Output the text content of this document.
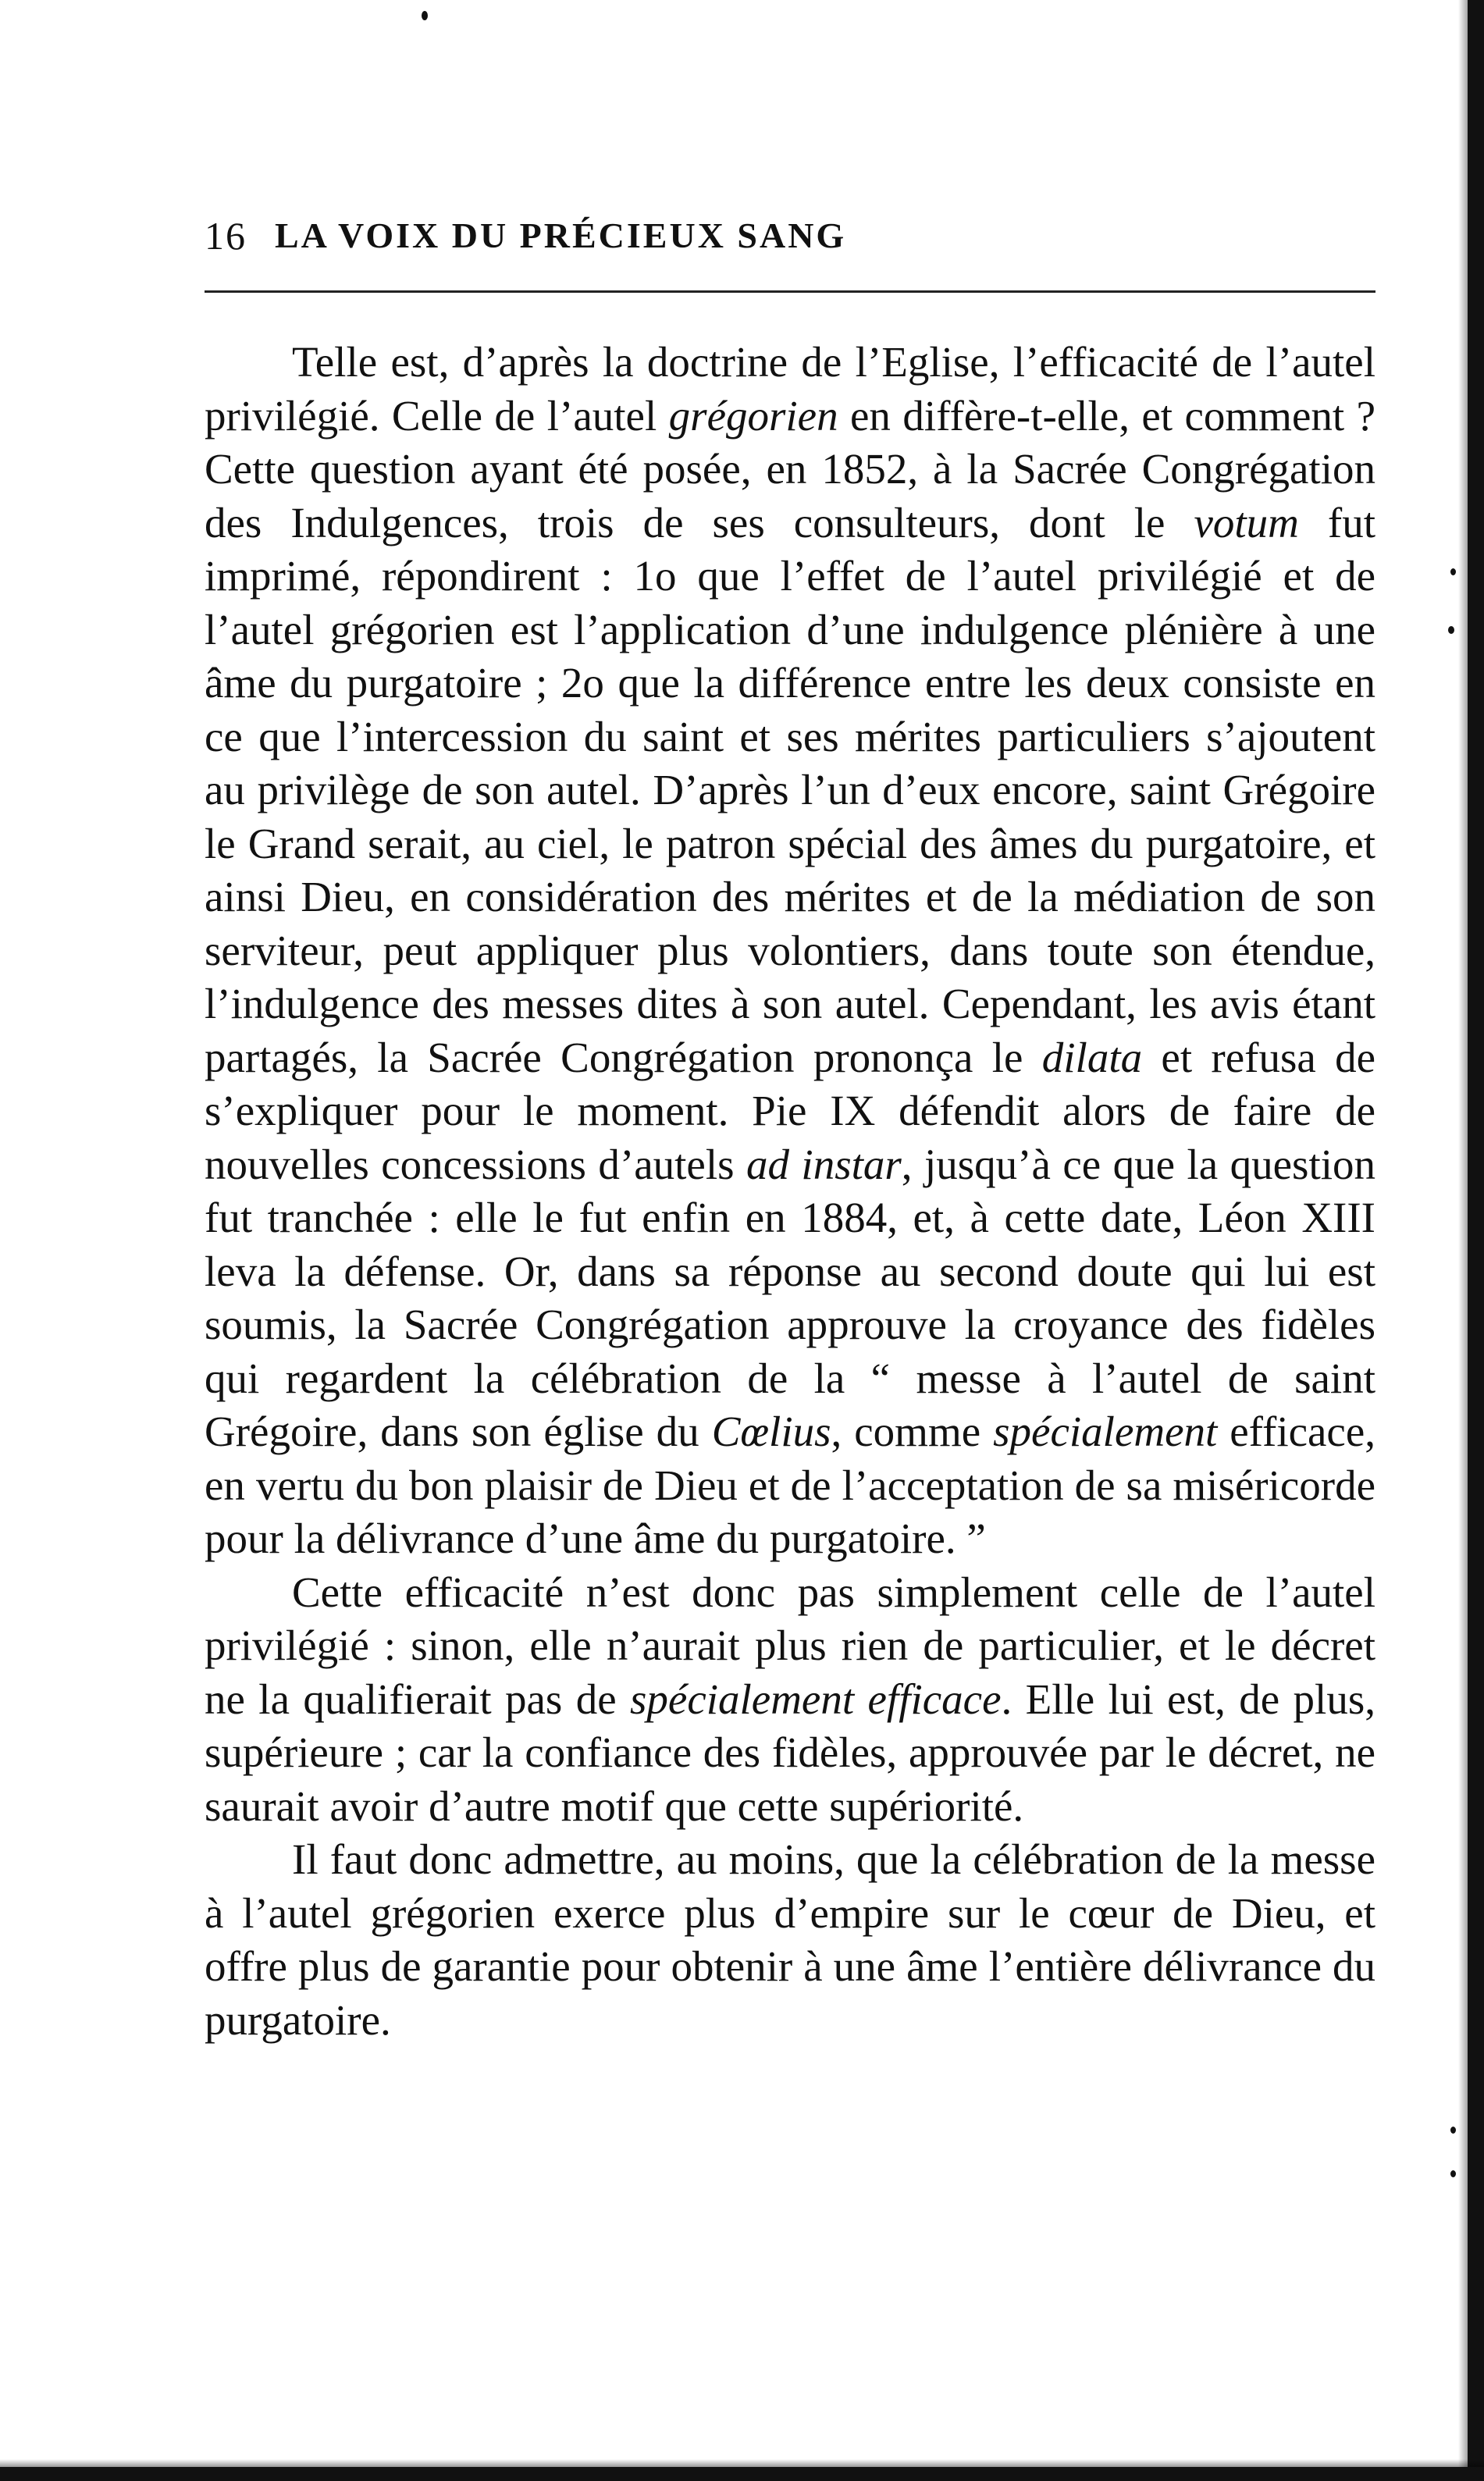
16 LA VOIX DU PRÉCIEUX SANG

Telle est, d’après la doctrine de l’Eglise, l’efficacité de l’autel privilégié. Celle de l’autel grégorien en diffère-t-elle, et comment ? Cette question ayant été posée, en 1852, à la Sacrée Congrégation des Indulgences, trois de ses consulteurs, dont le votum fut imprimé, répondirent : 1o que l’effet de l’autel privilégié et de l’autel grégorien est l’application d’une indulgence plénière à une âme du purgatoire ; 2o que la différence entre les deux consiste en ce que l’intercession du saint et ses mérites particuliers s’ajoutent au privilège de son autel. D’après l’un d’eux encore, saint Grégoire le Grand serait, au ciel, le patron spécial des âmes du purgatoire, et ainsi Dieu, en considération des mérites et de la médiation de son serviteur, peut appliquer plus volontiers, dans toute son étendue, l’indulgence des messes dites à son autel. Cependant, les avis étant partagés, la Sacrée Congrégation prononça le dilata et refusa de s’expliquer pour le moment. Pie IX défendit alors de faire de nouvelles concessions d’autels ad instar, jusqu’à ce que la question fut tranchée : elle le fut enfin en 1884, et, à cette date, Léon XIII leva la défense. Or, dans sa réponse au second doute qui lui est soumis, la Sacrée Congrégation approuve la croyance des fidèles qui regardent la célébration de la “ messe à l’autel de saint Grégoire, dans son église du Cœlius, comme spécialement efficace, en vertu du bon plaisir de Dieu et de l’acceptation de sa miséricorde pour la délivrance d’une âme du purgatoire. ”

Cette efficacité n’est donc pas simplement celle de l’autel privilégié : sinon, elle n’aurait plus rien de particulier, et le décret ne la qualifierait pas de spécialement efficace. Elle lui est, de plus, supérieure ; car la confiance des fidèles, approuvée par le décret, ne saurait avoir d’autre motif que cette supériorité.

Il faut donc admettre, au moins, que la célébration de la messe à l’autel grégorien exerce plus d’empire sur le cœur de Dieu, et offre plus de garantie pour obtenir à une âme l’entière délivrance du purgatoire.
